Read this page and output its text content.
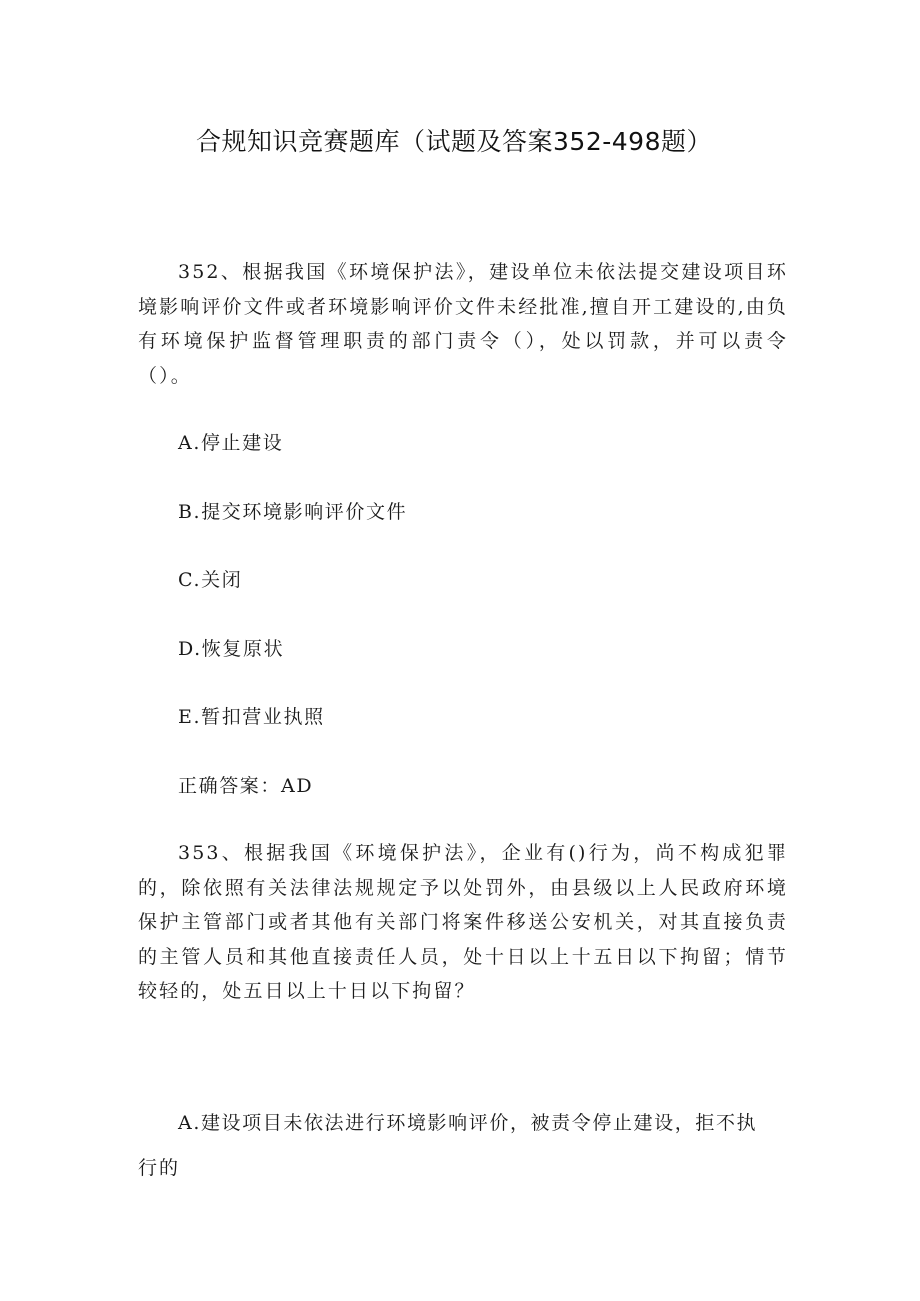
合规知识竞赛题库（试题及答案352-498题）

352、根据我国《环境保护法》，建设单位未依法提交建设项目环境影响评价文件或者环境影响评价文件未经批准,擅自开工建设的,由负有环境保护监督管理职责的部门责令（），处以罚款，并可以责令（）。

A.停止建设

B.提交环境影响评价文件

C.关闭

D.恢复原状

E.暂扣营业执照

正确答案：AD

353、根据我国《环境保护法》，企业有()行为，尚不构成犯罪的，除依照有关法律法规规定予以处罚外，由县级以上人民政府环境保护主管部门或者其他有关部门将案件移送公安机关，对其直接负责的主管人员和其他直接责任人员，处十日以上十五日以下拘留；情节较轻的，处五日以上十日以下拘留？

A.建设项目未依法进行环境影响评价，被责令停止建设，拒不执

行的
